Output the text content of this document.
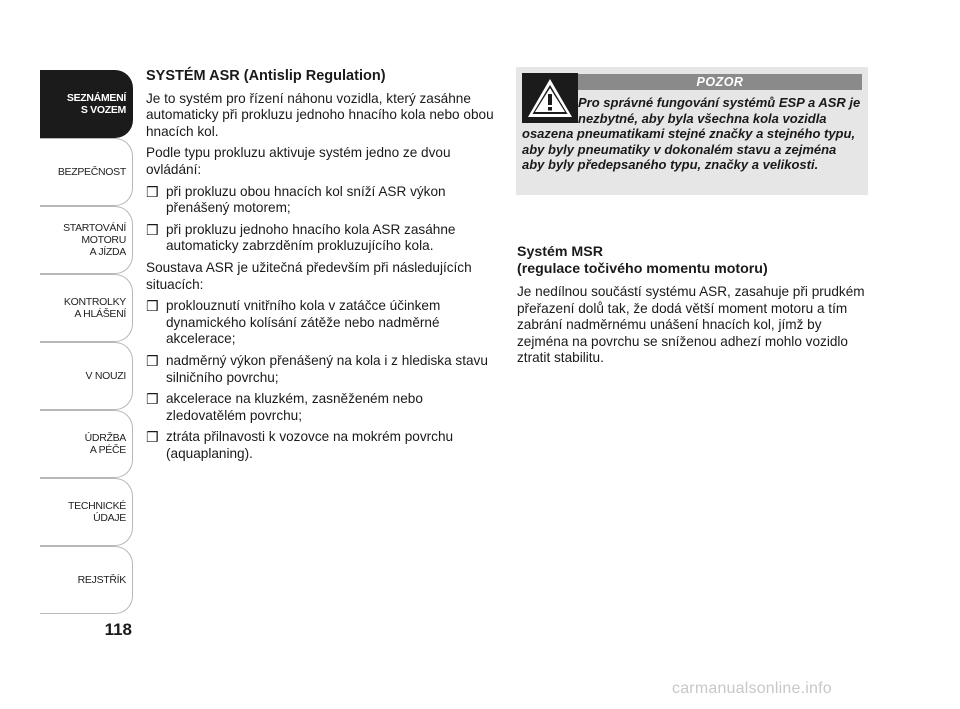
SEZNÁMENÍ
S VOZEM
BEZPEČNOST
STARTOVÁNÍ
MOTORU
A JÍZDA
KONTROLKY
A HLÁŠENÍ
V NOUZI
ÚDRŽBA
A PÉČE
TECHNICKÉ
ÚDAJE
REJSTŘÍK
118
SYSTÉM ASR (Antislip Regulation)

Je to systém pro řízení náhonu vozidla, který zasáhne automaticky při prokluzu jednoho hnacího kola nebo obou hnacích kol.

Podle typu prokluzu aktivuje systém jedno ze dvou ovládání:

❒ při prokluzu obou hnacích kol sníží ASR výkon přenášený motorem;
❒ při prokluzu jednoho hnacího kola ASR zasáhne automaticky zabrzděním prokluzujícího kola.

Soustava ASR je užitečná především při následujících situacích:

❒ proklouznutí vnitřního kola v zatáčce účinkem dynamického kolísání zátěže nebo nadměrné akcelerace;
❒ nadměrný výkon přenášený na kola i z hlediska stavu silničního povrchu;
❒ akcelerace na kluzkém, zasněženém nebo zledovatělém povrchu;
❒ ztráta přilnavosti k vozovce na mokrém povrchu (aquaplaning).
POZOR
Pro správné fungování systémů ESP a ASR je nezbytné, aby byla všechna kola vozidla osazena pneumatikami stejné značky a stejného typu, aby byly pneumatiky v dokonalém stavu a zejména aby byly předepsaného typu, značky a velikosti.
Systém MSR
(regulace točivého momentu motoru)

Je nedílnou součástí systému ASR, zasahuje při prudkém přeřazení dolů tak, že dodá větší moment motoru a tím zabrání nadměrnému unášení hnacích kol, jímž by zejména na povrchu se sníženou adhezí mohlo vozidlo ztratit stabilitu.

carmanualsonline.info
